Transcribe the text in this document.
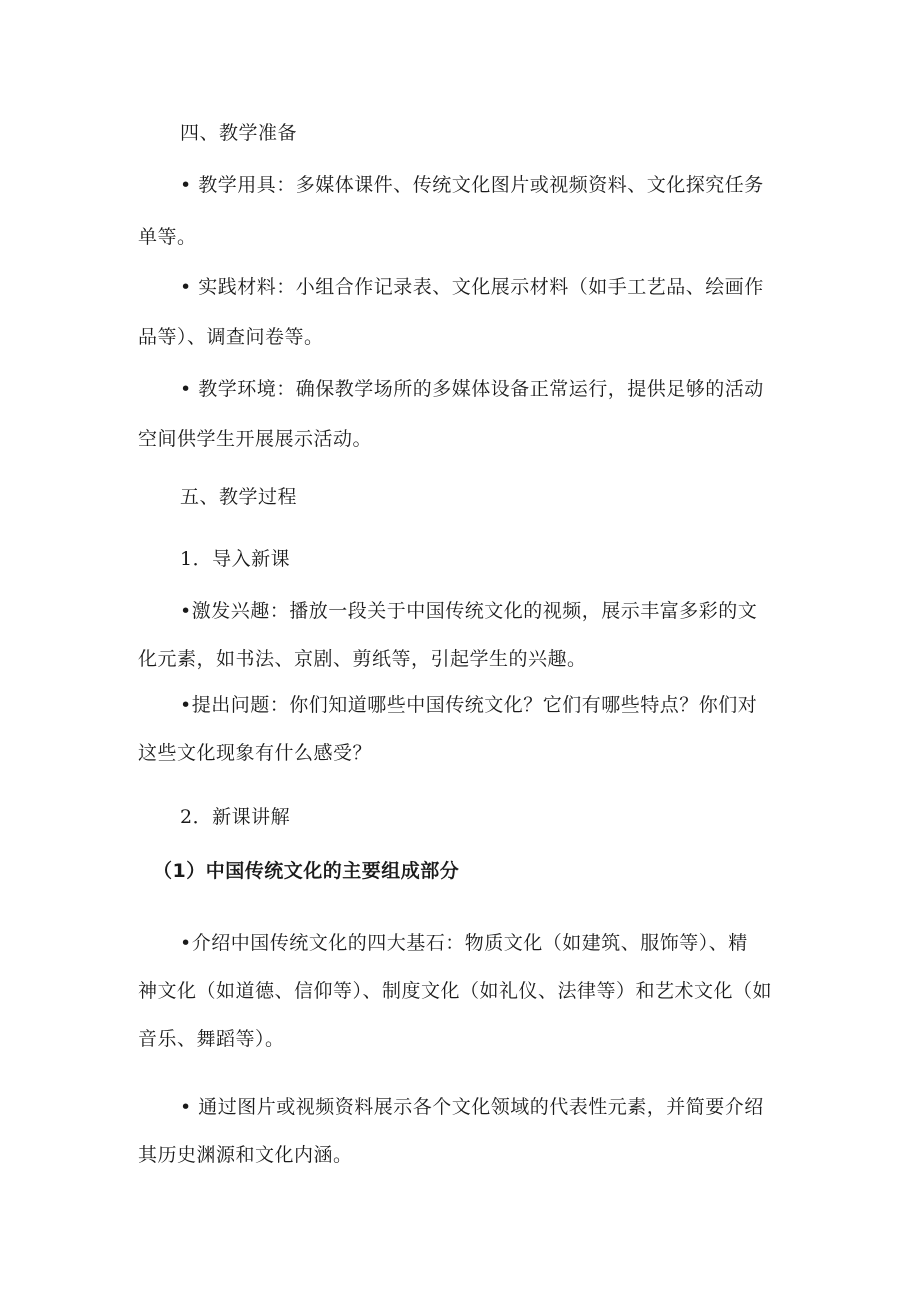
四、教学准备
• 教学用具：多媒体课件、传统文化图片或视频资料、文化探究任务
单等。
• 实践材料：小组合作记录表、文化展示材料（如手工艺品、绘画作
品等）、调查问卷等。
• 教学环境：确保教学场所的多媒体设备正常运行，提供足够的活动
空间供学生开展展示活动。
五、教学过程
1．导入新课
•激发兴趣：播放一段关于中国传统文化的视频，展示丰富多彩的文
化元素，如书法、京剧、剪纸等，引起学生的兴趣。
•提出问题：你们知道哪些中国传统文化？它们有哪些特点？你们对
这些文化现象有什么感受？
2．新课讲解
（1）中国传统文化的主要组成部分
•介绍中国传统文化的四大基石：物质文化（如建筑、服饰等）、精
神文化（如道德、信仰等）、制度文化（如礼仪、法律等）和艺术文化（如
音乐、舞蹈等）。
• 通过图片或视频资料展示各个文化领域的代表性元素，并简要介绍
其历史渊源和文化内涵。
